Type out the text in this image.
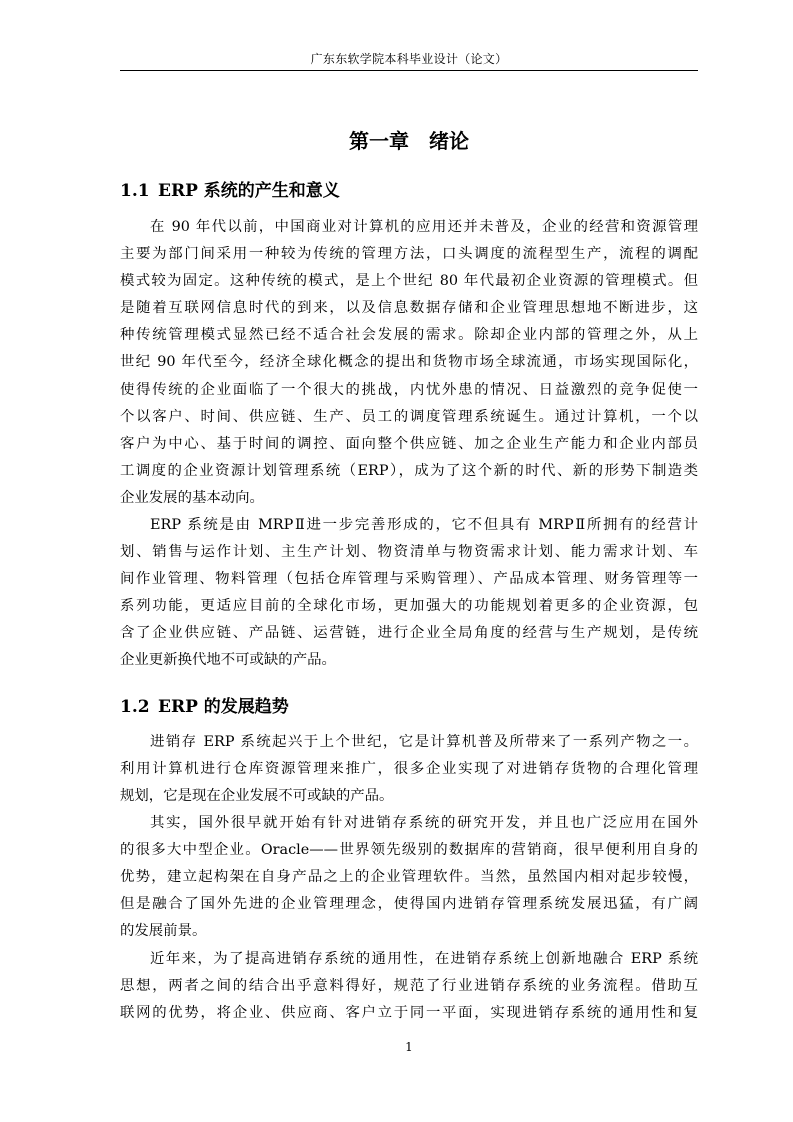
广东东软学院本科毕业设计（论文）
第一章 绪论
1.1 ERP 系统的产生和意义
在 90 年代以前，中国商业对计算机的应用还并未普及，企业的经营和资源管理
主要为部门间采用一种较为传统的管理方法，口头调度的流程型生产，流程的调配
模式较为固定。这种传统的模式，是上个世纪 80 年代最初企业资源的管理模式。但
是随着互联网信息时代的到来，以及信息数据存储和企业管理思想地不断进步，这
种传统管理模式显然已经不适合社会发展的需求。除却企业内部的管理之外，从上
世纪 90 年代至今，经济全球化概念的提出和货物市场全球流通，市场实现国际化，
使得传统的企业面临了一个很大的挑战，内忧外患的情况、日益激烈的竞争促使一
个以客户、时间、供应链、生产、员工的调度管理系统诞生。通过计算机，一个以
客户为中心、基于时间的调控、面向整个供应链、加之企业生产能力和企业内部员
工调度的企业资源计划管理系统（ERP），成为了这个新的时代、新的形势下制造类
企业发展的基本动向。
ERP 系统是由 MRPⅡ进一步完善形成的，它不但具有 MRPⅡ所拥有的经营计
划、销售与运作计划、主生产计划、物资清单与物资需求计划、能力需求计划、车
间作业管理、物料管理（包括仓库管理与采购管理）、产品成本管理、财务管理等一
系列功能，更适应目前的全球化市场，更加强大的功能规划着更多的企业资源，包
含了企业供应链、产品链、运营链，进行企业全局角度的经营与生产规划，是传统
企业更新换代地不可或缺的产品。
1.2 ERP 的发展趋势
进销存 ERP 系统起兴于上个世纪，它是计算机普及所带来了一系列产物之一。
利用计算机进行仓库资源管理来推广，很多企业实现了对进销存货物的合理化管理
规划，它是现在企业发展不可或缺的产品。
其实，国外很早就开始有针对进销存系统的研究开发，并且也广泛应用在国外
的很多大中型企业。Oracle——世界领先级别的数据库的营销商，很早便利用自身的
优势，建立起构架在自身产品之上的企业管理软件。当然，虽然国内相对起步较慢，
但是融合了国外先进的企业管理理念，使得国内进销存管理系统发展迅猛，有广阔
的发展前景。
近年来，为了提高进销存系统的通用性，在进销存系统上创新地融合 ERP 系统
思想，两者之间的结合出乎意料得好，规范了行业进销存系统的业务流程。借助互
联网的优势，将企业、供应商、客户立于同一平面，实现进销存系统的通用性和复
1
